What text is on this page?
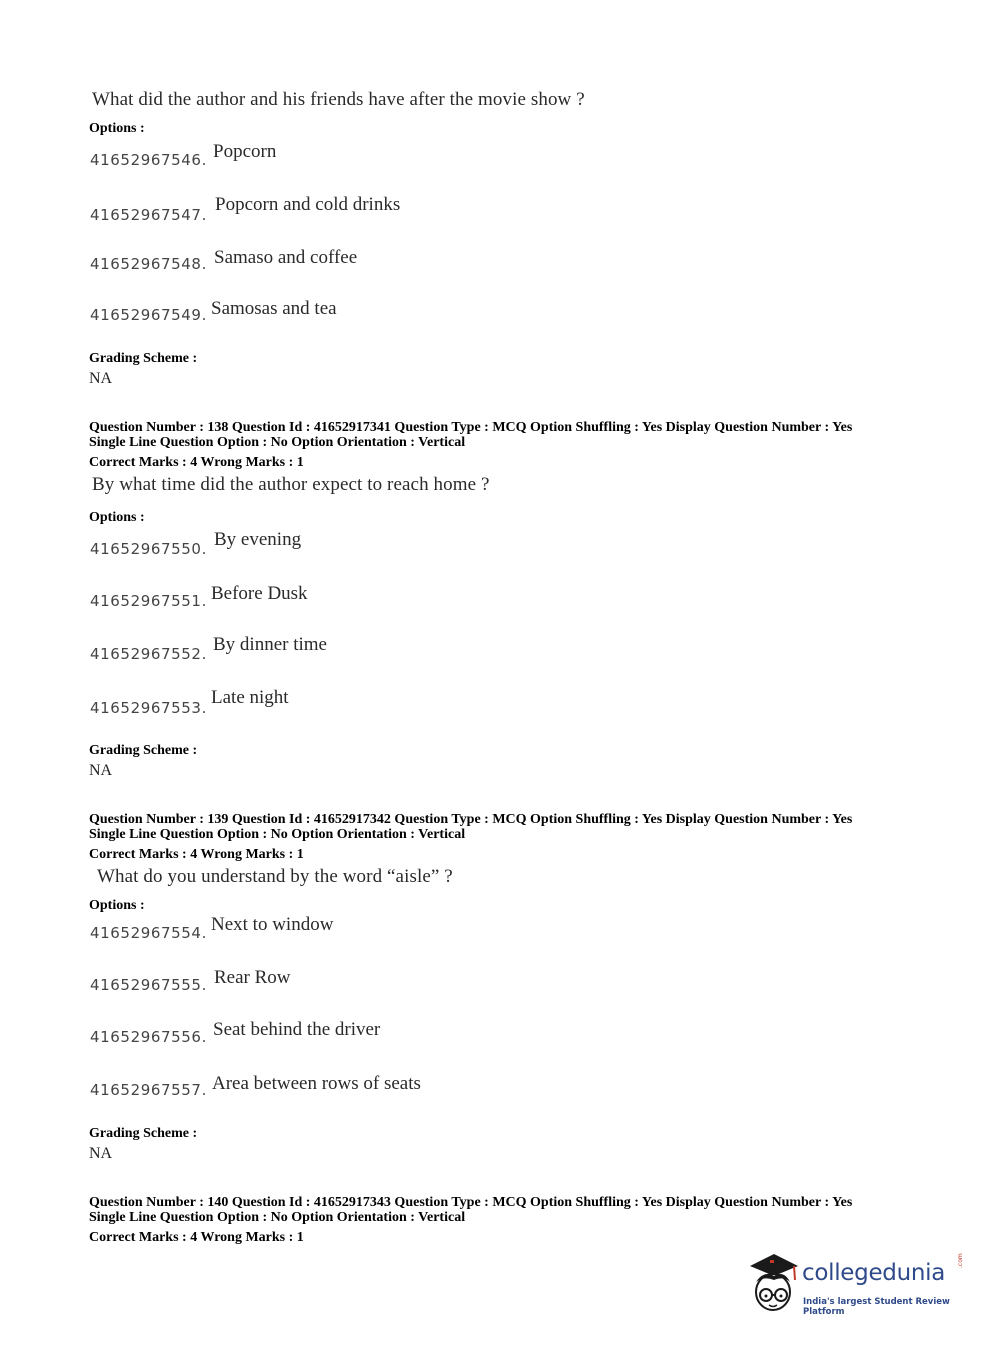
What did the author and his friends have after the movie show ?
Options :
41652967546. Popcorn
41652967547. Popcorn and cold drinks
41652967548. Samaso and coffee
41652967549. Samosas and tea
Grading Scheme :
NA
Question Number : 138 Question Id : 41652917341 Question Type : MCQ Option Shuffling : Yes Display Question Number : Yes
Single Line Question Option : No Option Orientation : Vertical
Correct Marks : 4 Wrong Marks : 1
By what time did the author expect to reach home ?
Options :
41652967550. By evening
41652967551. Before Dusk
41652967552. By dinner time
41652967553. Late night
Grading Scheme :
NA
Question Number : 139 Question Id : 41652917342 Question Type : MCQ Option Shuffling : Yes Display Question Number : Yes
Single Line Question Option : No Option Orientation : Vertical
Correct Marks : 4 Wrong Marks : 1
What do you understand by the word “aisle” ?
Options :
41652967554. Next to window
41652967555. Rear Row
41652967556. Seat behind the driver
41652967557. Area between rows of seats
Grading Scheme :
NA
Question Number : 140 Question Id : 41652917343 Question Type : MCQ Option Shuffling : Yes Display Question Number : Yes
Single Line Question Option : No Option Orientation : Vertical
Correct Marks : 4 Wrong Marks : 1
collegedunia .com
India's largest Student Review Platform
